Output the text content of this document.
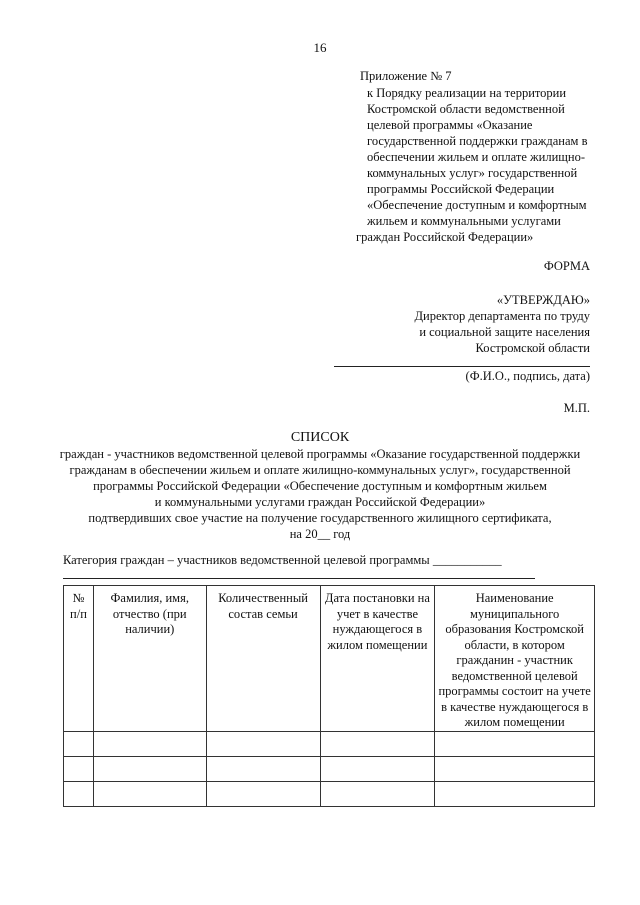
16
Приложение № 7
к Порядку реализации на территории
Костромской области ведомственной
целевой программы «Оказание
государственной поддержки гражданам в
обеспечении жильем и оплате жилищно-
коммунальных услуг» государственной
программы Российской Федерации
«Обеспечение доступным и комфортным
жильем и коммунальными услугами
граждан Российской Федерации»
ФОРМА
«УТВЕРЖДАЮ»
Директор департамента по труду
и социальной защите населения
Костромской области
(Ф.И.О., подпись, дата)
М.П.
СПИСОК
граждан - участников ведомственной целевой программы «Оказание государственной поддержки
гражданам в обеспечении жильем и оплате жилищно-коммунальных услуг», государственной
программы Российской Федерации «Обеспечение доступным и комфортным жильем
и коммунальными услугами граждан Российской Федерации»
подтвердивших свое участие на получение государственного жилищного сертификата,
на 20__ год
Категория граждан – участников ведомственной целевой программы ___________
№ п/п	Фамилия, имя, отчество (при наличии)	Количественный состав семьи	Дата постановки на учет в качестве нуждающегося в жилом помещении	Наименование муниципального образования Костромской области, в котором гражданин - участник ведомственной целевой программы состоит на учете в качестве нуждающегося в жилом помещении
